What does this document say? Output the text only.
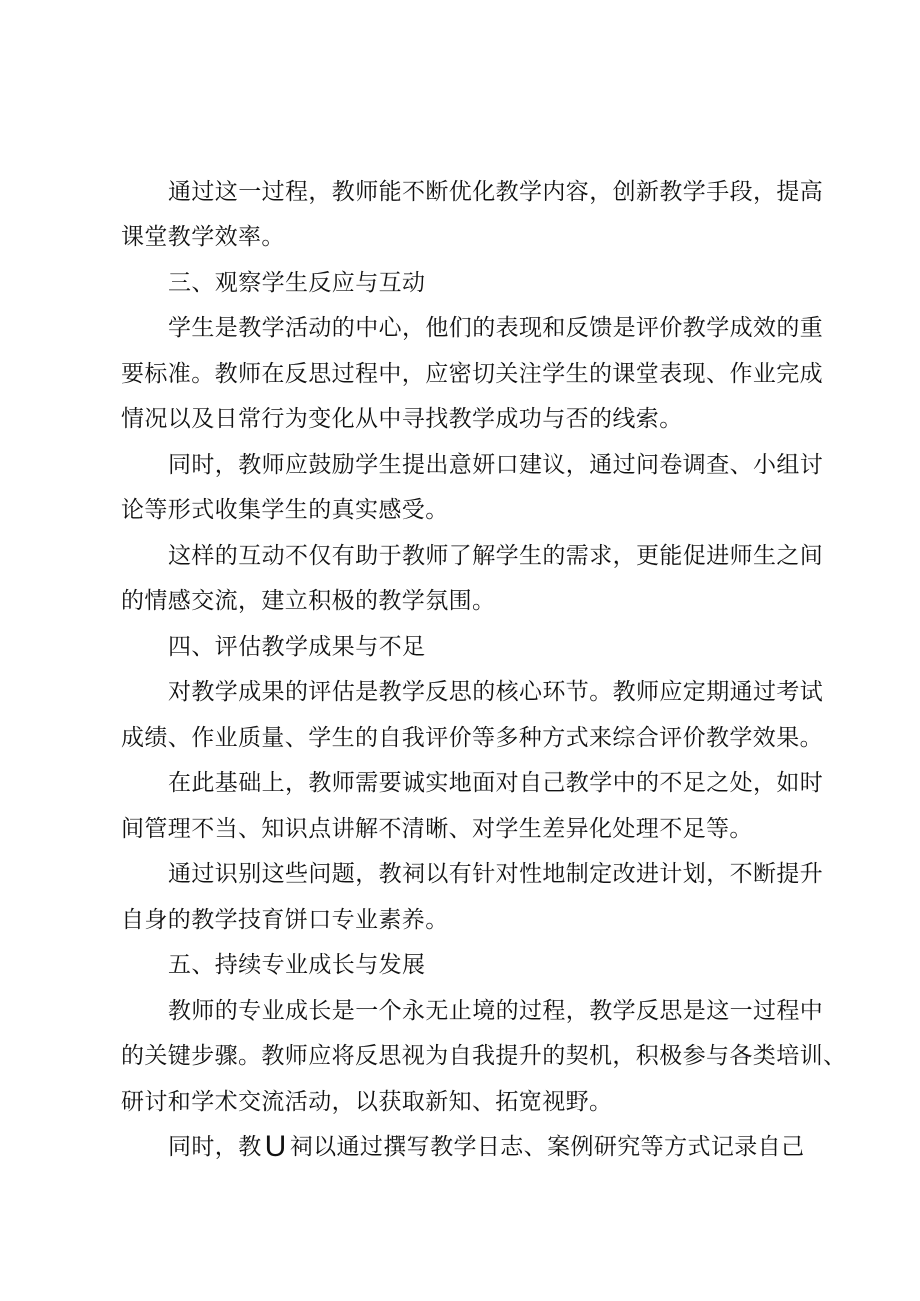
通过这一过程，教师能不断优化教学内容，创新教学手段，提高
课堂教学效率。
三、观察学生反应与互动
学生是教学活动的中心，他们的表现和反馈是评价教学成效的重
要标准。教师在反思过程中，应密切关注学生的课堂表现、作业完成
情况以及日常行为变化从中寻找教学成功与否的线索。
同时，教师应鼓励学生提出意妍口建议，通过问卷调查、小组讨
论等形式收集学生的真实感受。
这样的互动不仅有助于教师了解学生的需求，更能促进师生之间
的情感交流，建立积极的教学氛围。
四、评估教学成果与不足
对教学成果的评估是教学反思的核心环节。教师应定期通过考试
成绩、作业质量、学生的自我评价等多种方式来综合评价教学效果。
在此基础上，教师需要诚实地面对自己教学中的不足之处，如时
间管理不当、知识点讲解不清晰、对学生差异化处理不足等。
通过识别这些问题，教祠以有针对性地制定改进计划，不断提升
自身的教学技育饼口专业素养。
五、持续专业成长与发展
教师的专业成长是一个永无止境的过程，教学反思是这一过程中
的关键步骤。教师应将反思视为自我提升的契机，积极参与各类培训、
研讨和学术交流活动，以获取新知、拓宽视野。
同时，教 U 祠以通过撰写教学日志、案例研究等方式记录自己
